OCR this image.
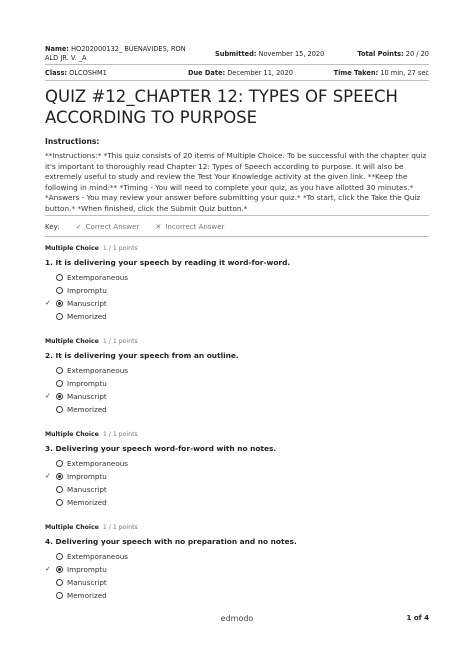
Name: HO202000132_ BUENAVIDES, RON ALD JR. V. _A	Submitted: November 15, 2020	Total Points: 20 / 20
Class: OLCOSHM1	Due Date: December 11, 2020	Time Taken: 10 min, 27 sec
QUIZ #12_CHAPTER 12: TYPES OF SPEECH ACCORDING TO PURPOSE
Instructions:
**Instructions:* *This quiz consists of 20 items of Multiple Choice. To be successful with the chapter quiz it's important to thoroughly read Chapter 12: Types of Speech according to purpose. It will also be extremely useful to study and review the Test Your Knowledge activity at the given link. **Keep the following in mind:** *Timing - You will need to complete your quiz, as you have allotted 30 minutes.* *Answers - You may review your answer before submitting your quiz.* *To start, click the Take the Quiz button.* *When finished, click the Submit Quiz button.*
Key: ✓ Correct Answer ✕ Incorrect Answer
Multiple Choice 1 / 1 points
1. It is delivering your speech by reading it word-for-word.
Extemporaneous
Impromptu
✓ Manuscript
Memorized
Multiple Choice 1 / 1 points
2. It is delivering your speech from an outline.
Extemporaneous
Impromptu
✓ Manuscript
Memorized
Multiple Choice 1 / 1 points
3. Delivering your speech word-for-word with no notes.
Extemporaneous
✓ Impromptu
Manuscript
Memorized
Multiple Choice 1 / 1 points
4. Delivering your speech with no preparation and no notes.
Extemporaneous
✓ Impromptu
Manuscript
Memorized
edmodo	1 of 4
